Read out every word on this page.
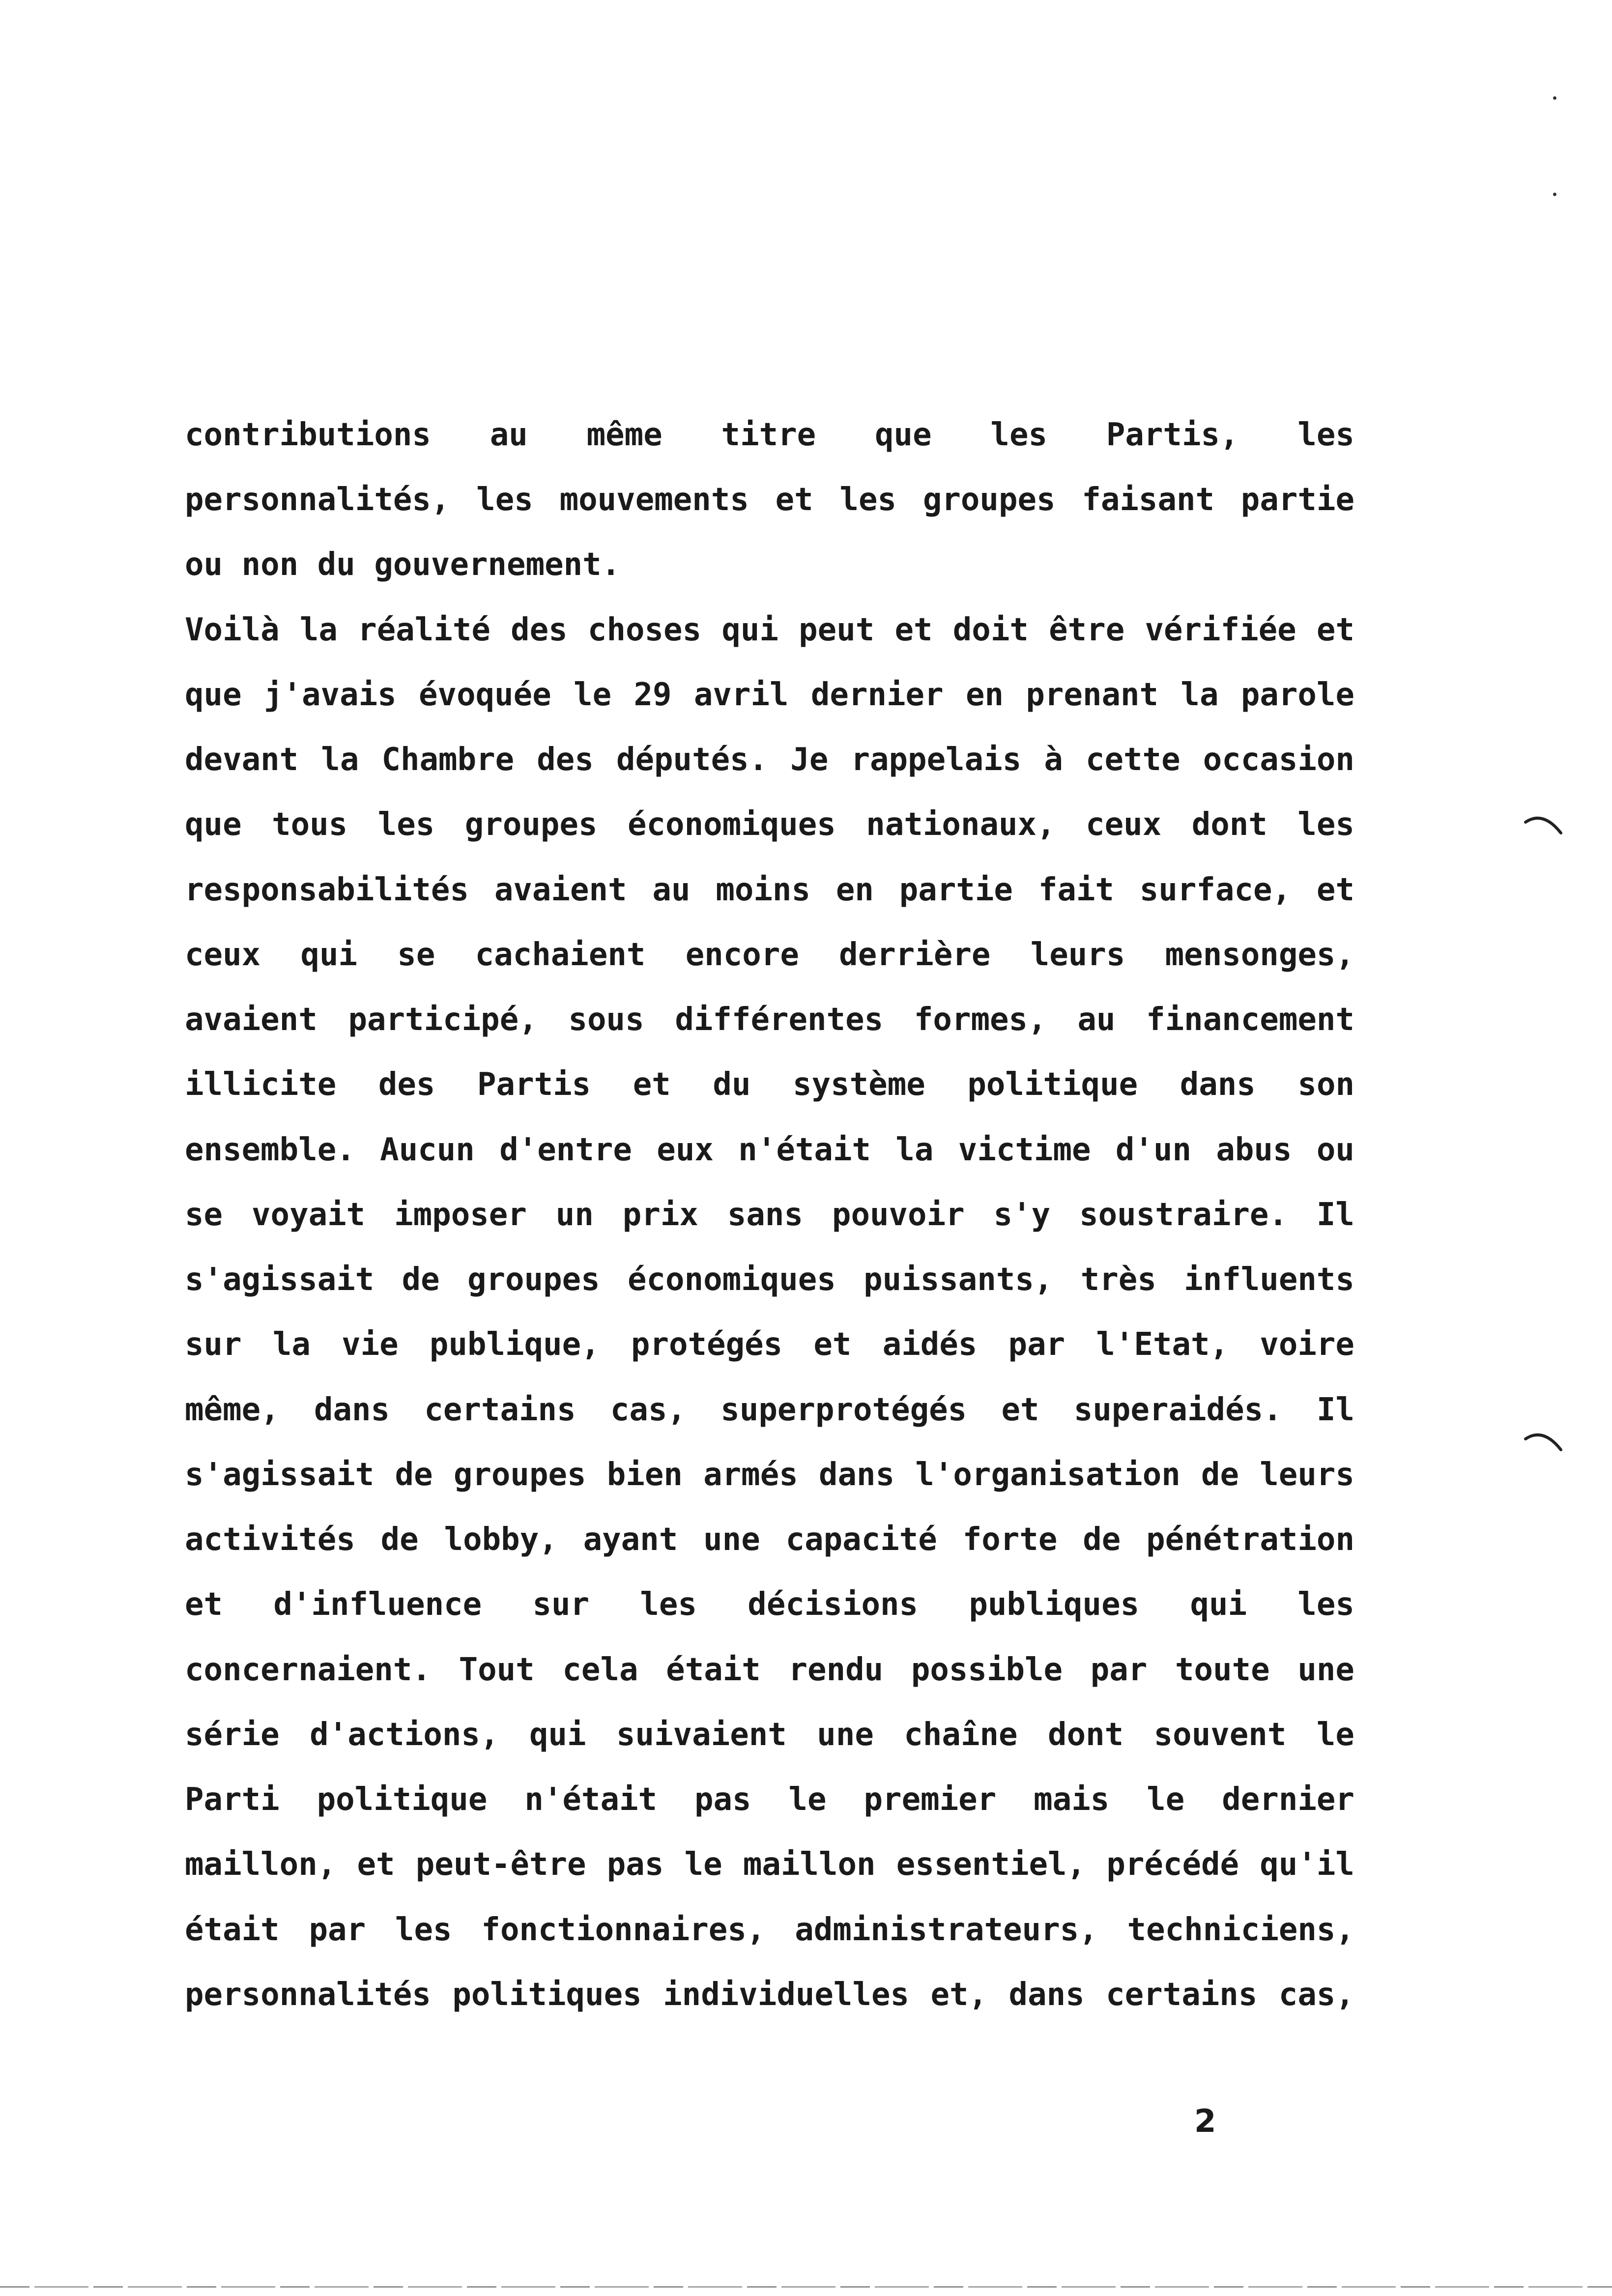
contributions au même titre que les Partis, les
personnalités, les mouvements et les groupes faisant partie
ou non du gouvernement.
Voilà la réalité des choses qui peut et doit être vérifiée et
que j'avais évoquée le 29 avril dernier en prenant la parole
devant la Chambre des députés. Je rappelais à cette occasion
que tous les groupes économiques nationaux, ceux dont les
responsabilités avaient au moins en partie fait surface, et
ceux qui se cachaient encore derrière leurs mensonges,
avaient participé, sous différentes formes, au financement
illicite des Partis et du système politique dans son
ensemble. Aucun d'entre eux n'était la victime d'un abus ou
se voyait imposer un prix sans pouvoir s'y soustraire. Il
s'agissait de groupes économiques puissants, très influents
sur la vie publique, protégés et aidés par l'Etat, voire
même, dans certains cas, superprotégés et superaidés. Il
s'agissait de groupes bien armés dans l'organisation de leurs
activités de lobby, ayant une capacité forte de pénétration
et d'influence sur les décisions publiques qui les
concernaient. Tout cela était rendu possible par toute une
série d'actions, qui suivaient une chaîne dont souvent le
Parti politique n'était pas le premier mais le dernier
maillon, et peut-être pas le maillon essentiel, précédé qu'il
était par les fonctionnaires, administrateurs, techniciens,
personnalités politiques individuelles et, dans certains cas,
2
